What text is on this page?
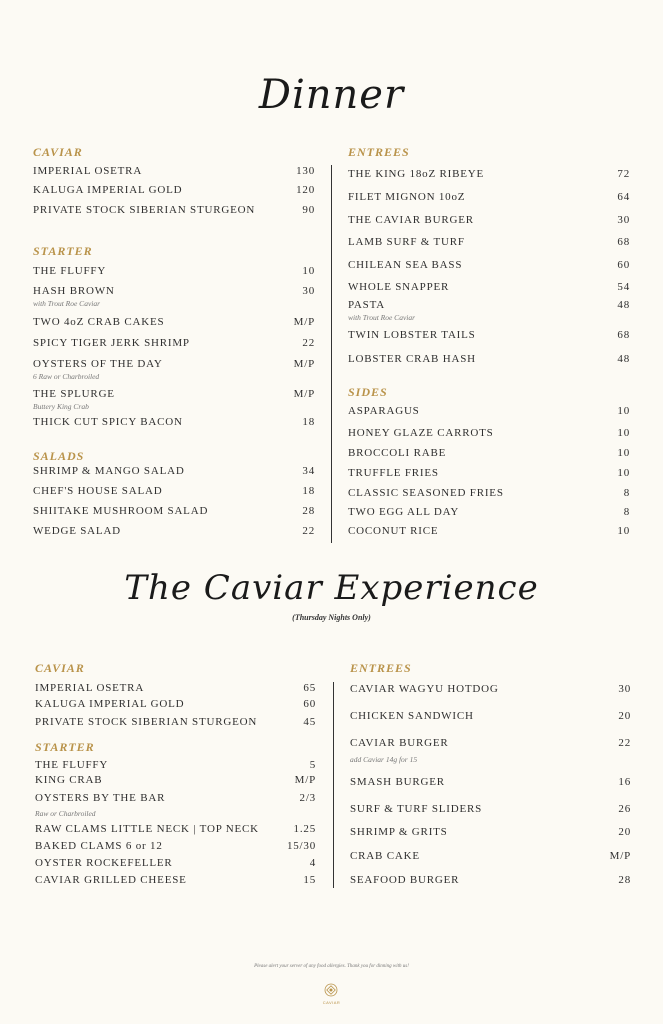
Dinner
CAVIAR
IMPERIAL OSETRA	130
KALUGA IMPERIAL GOLD	120
PRIVATE STOCK SIBERIAN STURGEON	90
STARTER
THE FLUFFY	10
HASH BROWN	30
with Trout Roe Caviar
TWO 4oZ CRAB CAKES	M/P
SPICY TIGER JERK SHRIMP	22
OYSTERS OF THE DAY	M/P
6 Raw or Charbroiled
THE SPLURGE	M/P
Buttery King Crab
THICK CUT SPICY BACON	18
SALADS
SHRIMP & MANGO SALAD	34
CHEF'S HOUSE SALAD	18
SHIITAKE MUSHROOM SALAD	28
WEDGE SALAD	22
ENTREES
THE KING 18oZ RIBEYE	72
FILET MIGNON 10oZ	64
THE CAVIAR BURGER	30
LAMB SURF & TURF	68
CHILEAN SEA BASS	60
WHOLE SNAPPER	54
PASTA	48
with Trout Roe Caviar
TWIN LOBSTER TAILS	68
LOBSTER CRAB HASH	48
SIDES
ASPARAGUS	10
HONEY GLAZE CARROTS	10
BROCCOLI RABE	10
TRUFFLE FRIES	10
CLASSIC SEASONED FRIES	8
TWO EGG ALL DAY	8
COCONUT RICE	10
The Caviar Experience
(Thursday Nights Only)
CAVIAR
IMPERIAL OSETRA	65
KALUGA IMPERIAL GOLD	60
PRIVATE STOCK SIBERIAN STURGEON	45
STARTER
THE FLUFFY	5
KING CRAB	M/P
OYSTERS BY THE BAR	2/3
Raw or Charbroiled
RAW CLAMS LITTLE NECK | TOP NECK	1.25
BAKED CLAMS 6 or 12	15/30
OYSTER ROCKEFELLER	4
CAVIAR GRILLED CHEESE	15
ENTREES
CAVIAR WAGYU HOTDOG	30
CHICKEN SANDWICH	20
CAVIAR BURGER	22
add Caviar 14g for 15
SMASH BURGER	16
SURF & TURF SLIDERS	26
SHRIMP & GRITS	20
CRAB CAKE	M/P
SEAFOOD BURGER	28
Please alert your server of any food allergies. Thank you for dinning with us!
CAVIAR
